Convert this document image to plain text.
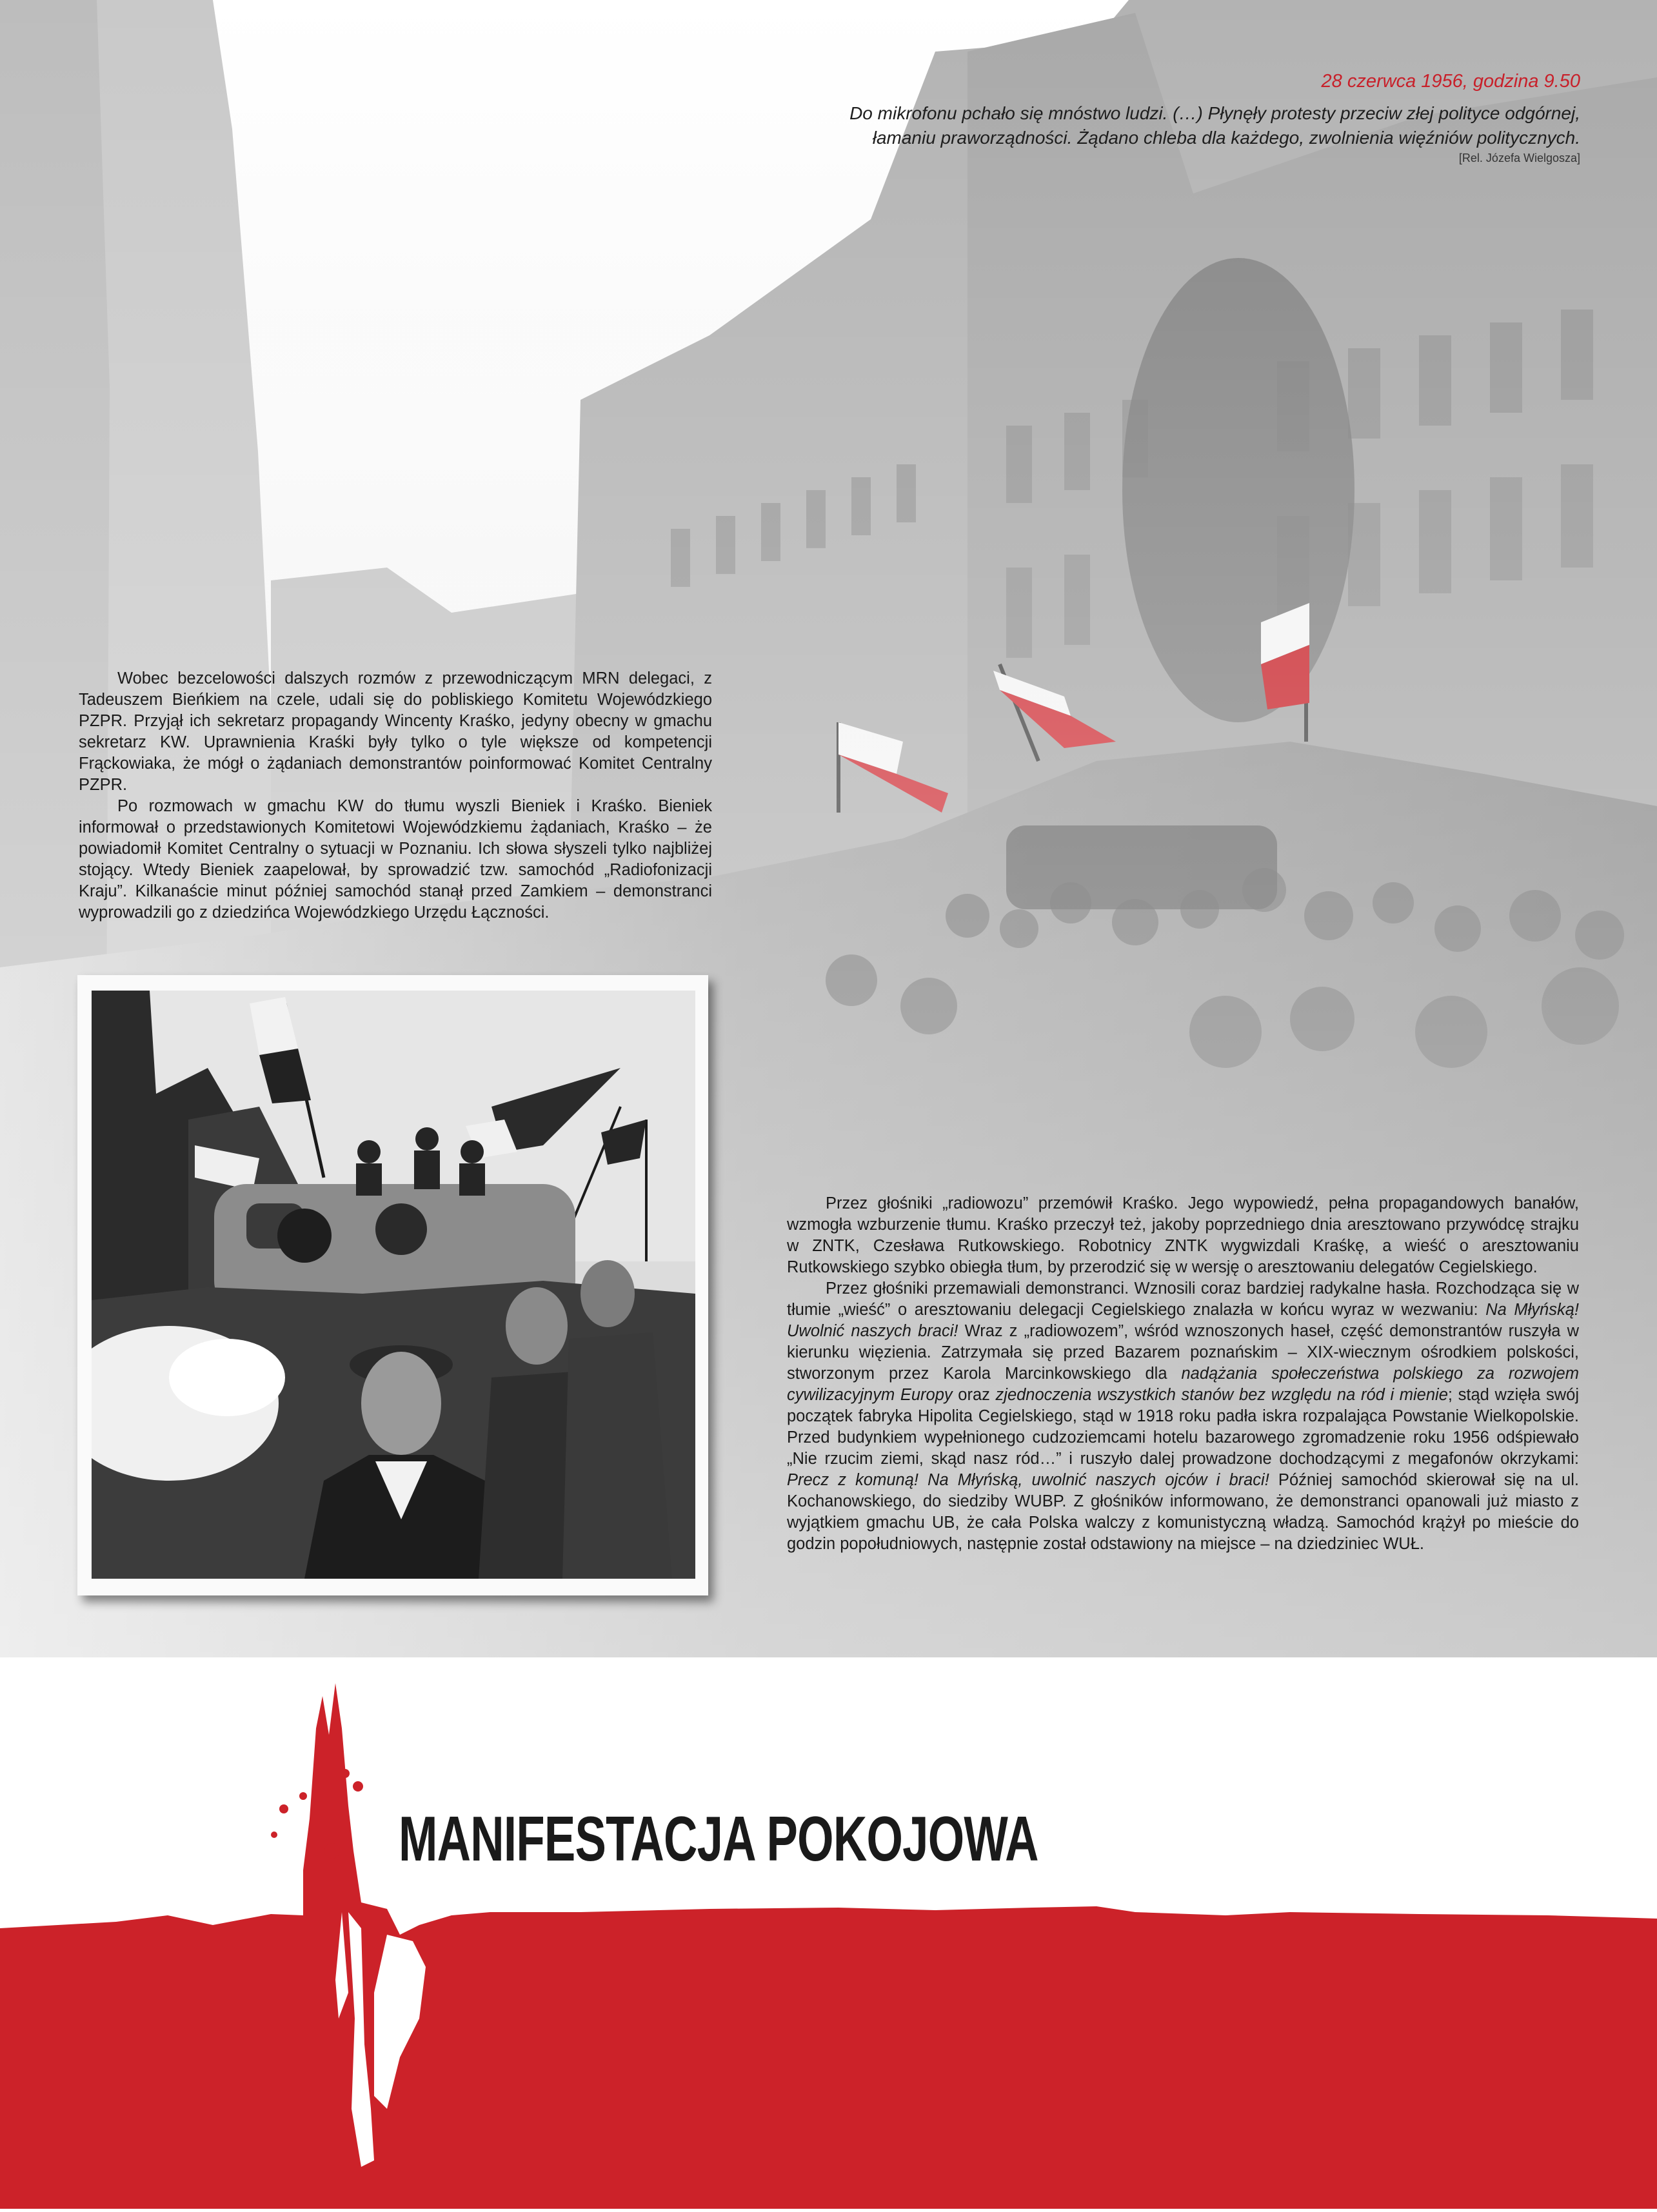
28 czerwca 1956, godzina 9.50
Do mikrofonu pchało się mnóstwo ludzi. (…) Płynęły protesty przeciw złej polityce odgórnej, łamaniu praworządności. Żądano chleba dla każdego, zwolnienia więźniów politycznych.
[Rel. Józefa Wielgosza]

Wobec bezcelowości dalszych rozmów z przewodniczącym MRN delegaci, z Tadeuszem Bieńkiem na czele, udali się do pobliskiego Komitetu Wojewódzkiego PZPR. Przyjął ich sekretarz propagandy Wincenty Kraśko, jedyny obecny w gmachu sekretarz KW. Uprawnienia Kraśki były tylko o tyle większe od kompetencji Frąckowiaka, że mógł o żądaniach demonstrantów poinformować Komitet Centralny PZPR.

Po rozmowach w gmachu KW do tłumu wyszli Bieniek i Kraśko. Bieniek informował o przedstawionych Komitetowi Wojewódzkiemu żądaniach, Kraśko – że powiadomił Komitet Centralny o sytuacji w Poznaniu. Ich słowa słyszeli tylko najbliżej stojący. Wtedy Bieniek zaapelował, by sprowadzić tzw. samochód „Radiofonizacji Kraju”. Kilkanaście minut później samochód stanął przed Zamkiem – demonstranci wyprowadzili go z dziedzińca Wojewódzkiego Urzędu Łączności.

Przez głośniki „radiowozu” przemówił Kraśko. Jego wypowiedź, pełna propagandowych banałów, wzmogła wzburzenie tłumu. Kraśko przeczył też, jakoby poprzedniego dnia aresztowano przywódcę strajku w ZNTK, Czesława Rutkowskiego. Robotnicy ZNTK wygwizdali Kraśkę, a wieść o aresztowaniu Rutkowskiego szybko obiegła tłum, by przerodzić się w wersję o aresztowaniu delegatów Cegielskiego.

Przez głośniki przemawiali demonstranci. Wznosili coraz bardziej radykalne hasła. Rozchodząca się w tłumie „wieść” o aresztowaniu delegacji Cegielskiego znalazła w końcu wyraz w wezwaniu: Na Młyńską! Uwolnić naszych braci! Wraz z „radiowozem”, wśród wznoszonych haseł, część demonstrantów ruszyła w kierunku więzienia. Zatrzymała się przed Bazarem poznańskim – XIX-wiecznym ośrodkiem polskości, stworzonym przez Karola Marcinkowskiego dla nadążania społeczeństwa polskiego za rozwojem cywilizacyjnym Europy oraz zjednoczenia wszystkich stanów bez względu na ród i mienie; stąd wzięła swój początek fabryka Hipolita Cegielskiego, stąd w 1918 roku padła iskra rozpalająca Powstanie Wielkopolskie. Przed budynkiem wypełnionego cudzoziemcami hotelu bazarowego zgromadzenie roku 1956 odśpiewało „Nie rzucim ziemi, skąd nasz ród…” i ruszyło dalej prowadzone dochodzącymi z megafonów okrzykami: Precz z komuną! Na Młyńską, uwolnić naszych ojców i braci! Później samochód skierował się na ul. Kochanowskiego, do siedziby WUBP. Z głośników informowano, że demonstranci opanowali już miasto z wyjątkiem gmachu UB, że cała Polska walczy z komunistyczną władzą. Samochód krążył po mieście do godzin popołudniowych, następnie został odstawiony na miejsce – na dziedziniec WUŁ.

MANIFESTACJA POKOJOWA
